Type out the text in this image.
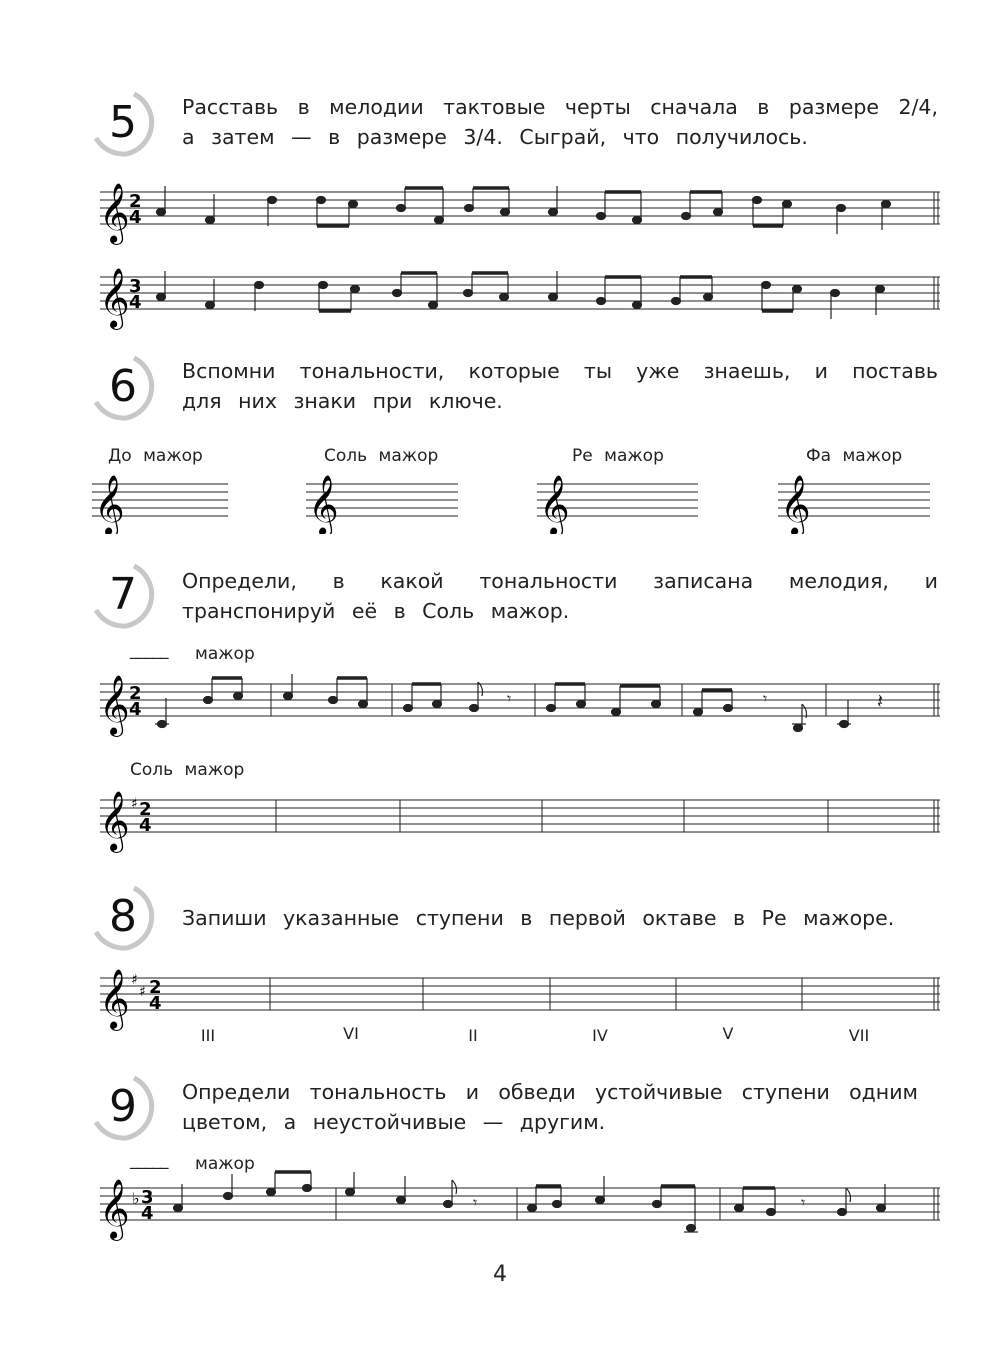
5	Расставь в мелодии тактовые черты сначала в размере 2/4, а затем — в размере 3/4. Сыграй, что получилось.
𝄞 2
4
𝄞 3
4
6	Вспомни тональности, которые ты уже знаешь, и поставь для них знаки при ключе.
До мажор	Соль мажор	Ре мажор	Фа мажор
𝄞	𝄞	𝄞	𝄞
7	Определи, в какой тональности записана мелодия, и транспонируй её в Соль мажор.
_____ мажор
𝄞 2
4
𝄾	𝄾	𝄽
Соль мажор
𝄞 ♯ 2
4
8	Запиши указанные ступени в первой октаве в Ре мажоре.
𝄞 ♯
♯ 2
4
III	VI	II	IV	V	VII
9	Определи тональность и обведи устойчивые ступени одним цветом, а неустойчивые — другим.
_____ мажор
𝄞 ♭ 3
4
𝄾	𝄾
4
